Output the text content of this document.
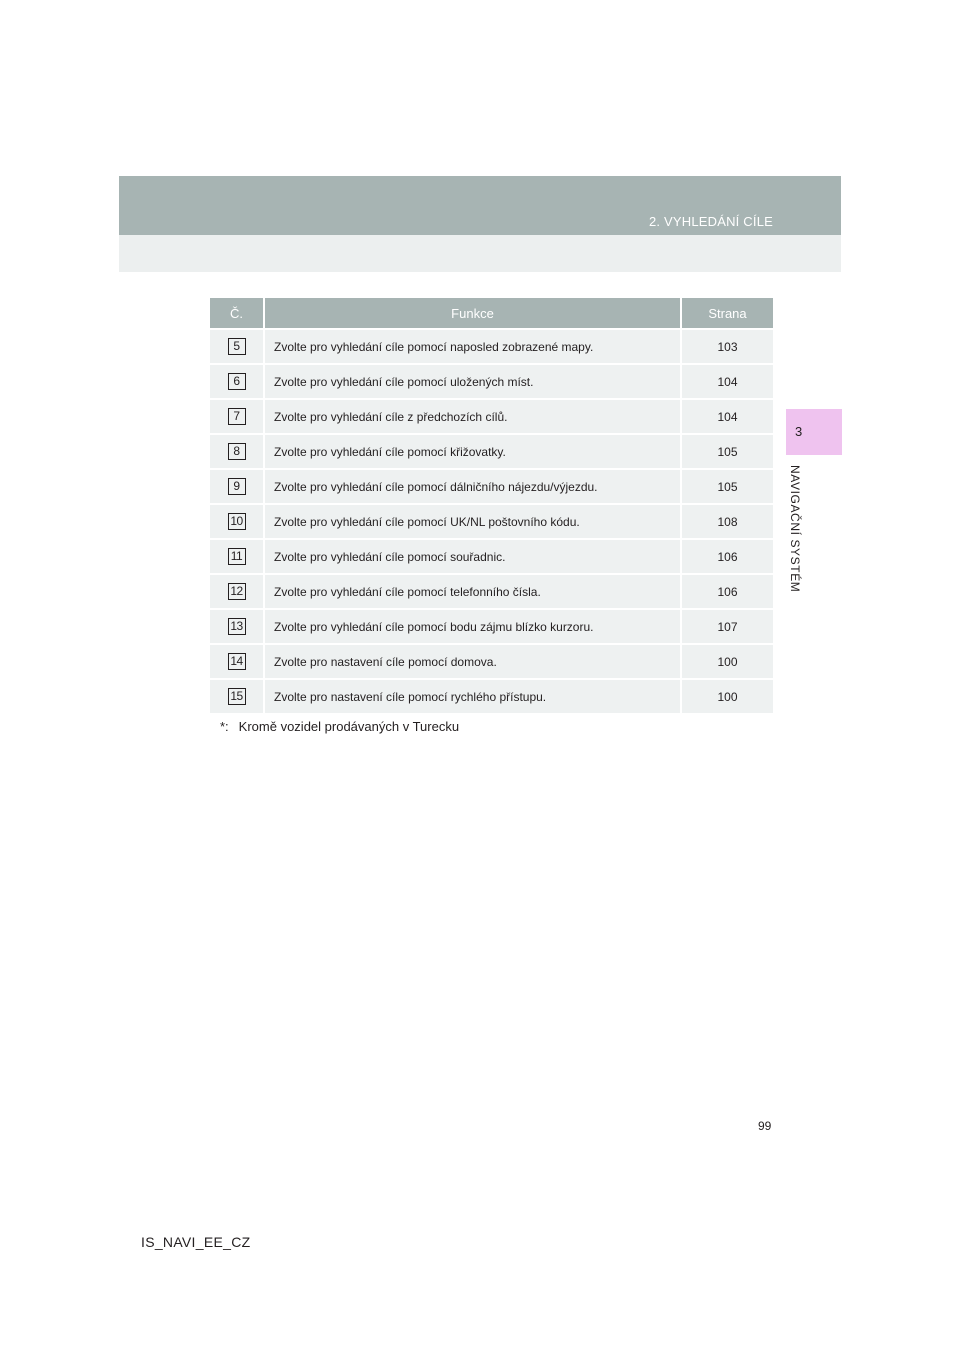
2. VYHLEDÁNÍ CÍLE
3
NAVIGAČNÍ SYSTÉM
Č.	Funkce	Strana
5	Zvolte pro vyhledání cíle pomocí naposled zobrazené mapy.	103
6	Zvolte pro vyhledání cíle pomocí uložených míst.	104
7	Zvolte pro vyhledání cíle z předchozích cílů.	104
8	Zvolte pro vyhledání cíle pomocí křižovatky.	105
9	Zvolte pro vyhledání cíle pomocí dálničního nájezdu/výjezdu.	105
10	Zvolte pro vyhledání cíle pomocí UK/NL poštovního kódu.	108
11	Zvolte pro vyhledání cíle pomocí souřadnic.	106
12	Zvolte pro vyhledání cíle pomocí telefonního čísla.	106
13	Zvolte pro vyhledání cíle pomocí bodu zájmu blízko kurzoru.	107
14	Zvolte pro nastavení cíle pomocí domova.	100
15	Zvolte pro nastavení cíle pomocí rychlého přístupu.	100
*: Kromě vozidel prodávaných v Turecku
99
IS_NAVI_EE_CZ
